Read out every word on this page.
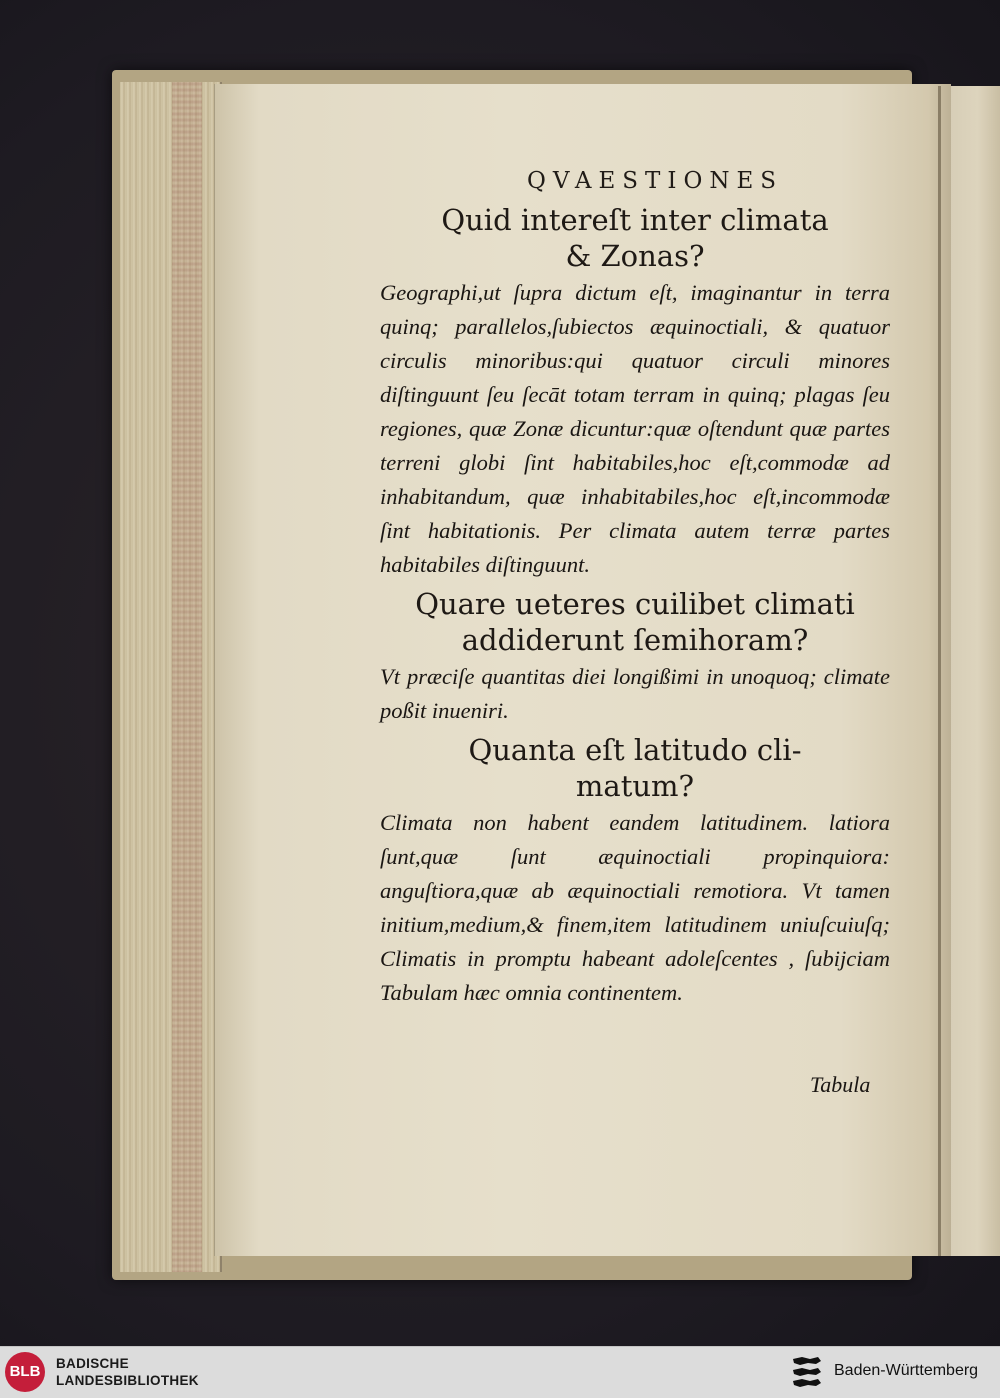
QVAESTIONES
Quid intereſt inter climata
& Zonas?

Geographi,ut ſupra dictum eſt, imaginantur in terra quinq; parallelos,ſubiectos æquinoctiali, & quatuor circulis minoribus:qui quatuor circuli minores diſtinguunt ſeu ſecāt totam terram in quinq; plagas ſeu regiones, quæ Zonæ dicuntur:quæ oſtendunt quæ partes terreni globi ſint habitabiles,hoc eſt,commodæ ad inhabitandum, quæ inhabitabiles,hoc eſt,incommodæ ſint habitationis. Per climata autem terræ partes habitabiles diſtinguunt.

Quare ueteres cuilibet climati
addiderunt ſemihoram?

Vt præciſe quantitas diei longißimi in unoquoq; climate poßit inueniri.

Quanta eſt latitudo cli-
matum?

Climata non habent eandem latitudinem. latiora ſunt,quæ ſunt æquinoctiali propinquiora: anguſtiora,quæ ab æquinoctiali remotiora. Vt tamen initium,medium,& finem,item latitudinem uniuſcuiuſq; Climatis in promptu habeant adoleſcentes , ſubijciam Tabulam hæc omnia continentem.

Tabula
BLB	BADISCHE
LANDESBIBLIOTHEK
Baden-Württemberg
